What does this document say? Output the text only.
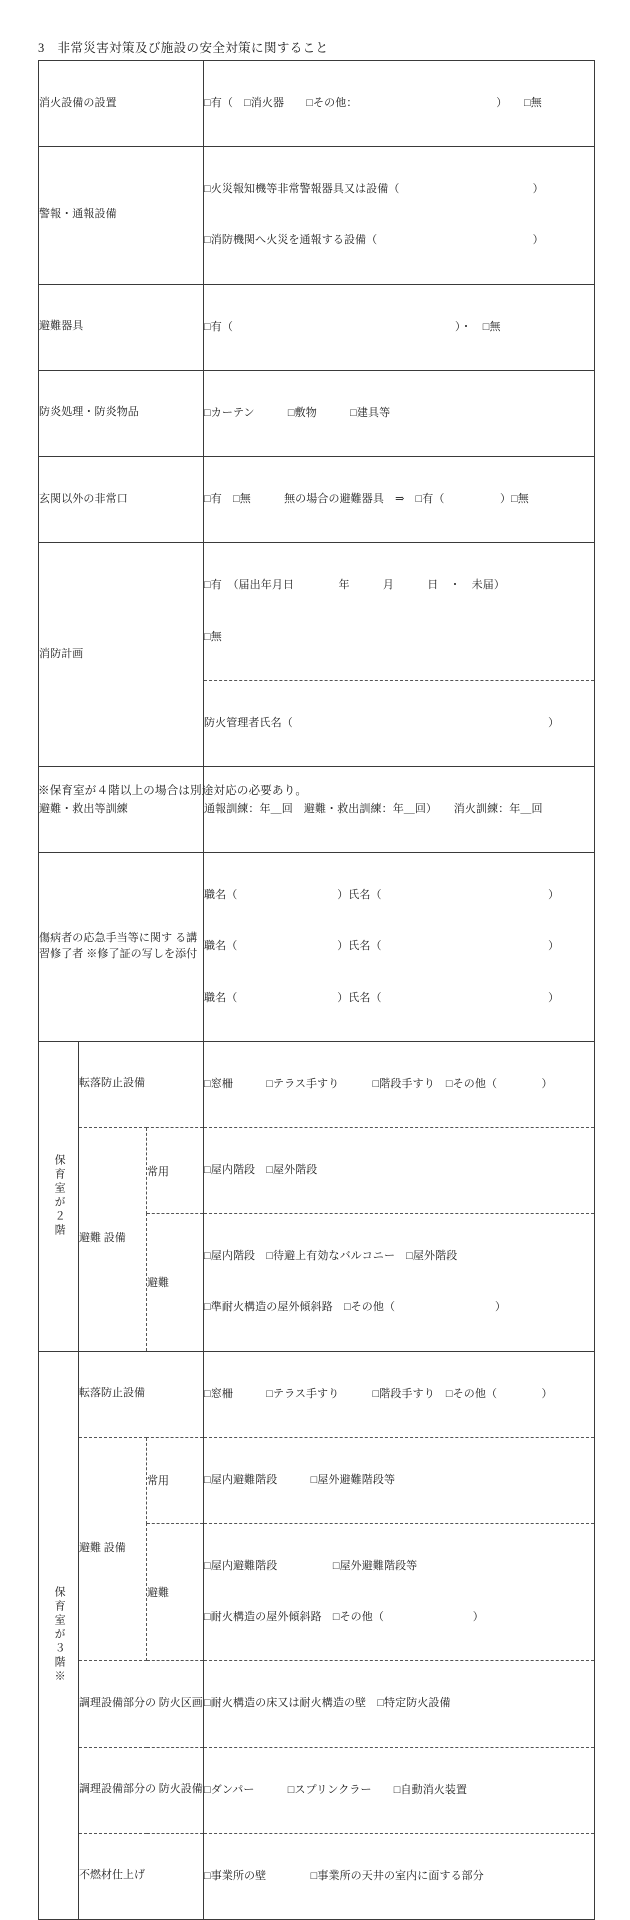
3　非常災害対策及び施設の安全対策に関すること
消火設備の設置			□有（　□消火器　　□その他：　　　　　　　　　　　　　）　　□無

警報・通報設備			□火災報知機等非常警報器具又は設備（　　　　　　　　　　　　）

□消防機関へ火災を通報する設備（　　　　　　　　　　　　　　）

避難器具			□有（　　　　　　　　　　　　　　　　　　　　）・　□無

防炎処理・防炎物品			□カーテン　　　□敷物　　　□建具等

玄関以外の非常口			□有　□無　　　無の場合の避難器具　⇒　□有（　　　　　）□無

消防計画			□有　（届出年月日　　　　年　　　月　　　日　・　未届）

□無

			防火管理者氏名（　　　　　　　　　　　　　　　　　　　　　　　）

避難・救出等訓練			通報訓練：年＿回　避難・救出訓練：年＿回）　　消火訓練：年＿回

傷病者の応急手当等に関す る講習修了者 ※修了証の写しを添付			職名（　　　　　　　　　）氏名（　　　　　　　　　　　　　　　）

職名（　　　　　　　　　）氏名（　　　　　　　　　　　　　　　）

職名（　　　　　　　　　）氏名（　　　　　　　　　　　　　　　）

保育室が２階	転落防止設備		□窓柵　　　□テラス手すり　　　□階段手すり　□その他（　　　　）

	避難 設備	常用	□屋内階段　□屋外階段

		避難	□屋内階段　□待避上有効なバルコニー　□屋外階段

□準耐火構造の屋外傾斜路　□その他（　　　　　　　　　）

保育室が３階※	転落防止設備		□窓柵　　　□テラス手すり　　　□階段手すり　□その他（　　　　）

	避難 設備	常用	□屋内避難階段　　　□屋外避難階段等

		避難	□屋内避難階段　　　　　□屋外避難階段等

□耐火構造の屋外傾斜路　□その他（　　　　　　　　）

	調理設備部分の 防火区画		□耐火構造の床又は耐火構造の壁　□特定防火設備

	調理設備部分の 防火設備		□ダンパー　　　□スプリンクラー　　□自動消火装置

	不燃材仕上げ		□事業所の壁　　　　□事業所の天井の室内に面する部分

※保育室が４階以上の場合は別途対応の必要あり。
